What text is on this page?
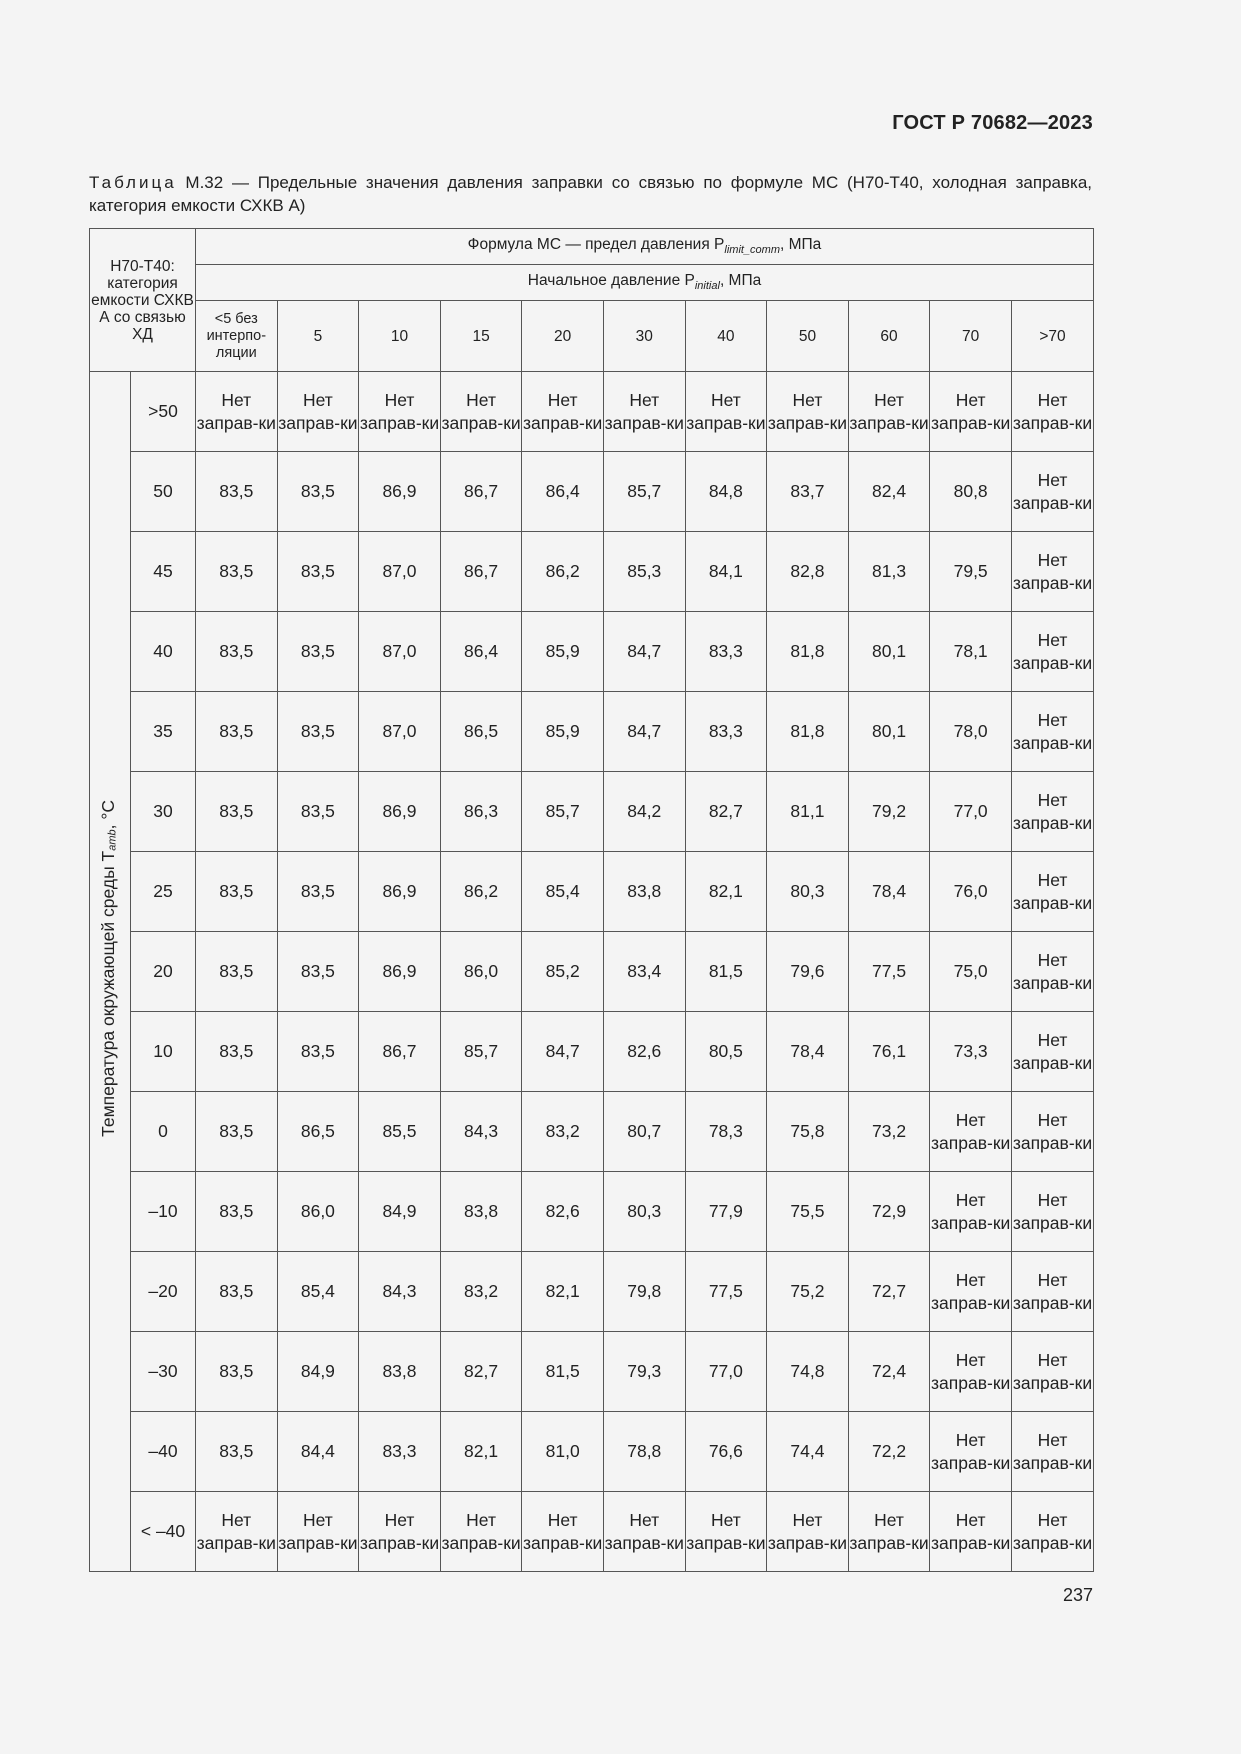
ГОСТ Р 70682—2023
Таблица М.32 — Предельные значения давления заправки со связью по формуле МС (Н70-Т40, холодная заправка, категория емкости СХКВ А)
Н70-Т40: категория емкости СХКВ А со связью ХД		Формула МС — предел давления $P_{limit\_comm}$, МПа										
		Начальное давление $P_{initial}$, МПа										
		<5 без интерпо-ляции	5	10	15	20	30	40	50	60	70	>70
Температура окружающей среды $T_{amb}$, °C	>50	Нет заправ-ки	Нет заправ-ки	Нет заправ-ки	Нет заправ-ки	Нет заправ-ки	Нет заправ-ки	Нет заправ-ки	Нет заправ-ки	Нет заправ-ки	Нет заправ-ки	Нет заправ-ки
	50	83,5	83,5	86,9	86,7	86,4	85,7	84,8	83,7	82,4	80,8	Нет заправ-ки
	45	83,5	83,5	87,0	86,7	86,2	85,3	84,1	82,8	81,3	79,5	Нет заправ-ки
	40	83,5	83,5	87,0	86,4	85,9	84,7	83,3	81,8	80,1	78,1	Нет заправ-ки
	35	83,5	83,5	87,0	86,5	85,9	84,7	83,3	81,8	80,1	78,0	Нет заправ-ки
	30	83,5	83,5	86,9	86,3	85,7	84,2	82,7	81,1	79,2	77,0	Нет заправ-ки
	25	83,5	83,5	86,9	86,2	85,4	83,8	82,1	80,3	78,4	76,0	Нет заправ-ки
	20	83,5	83,5	86,9	86,0	85,2	83,4	81,5	79,6	77,5	75,0	Нет заправ-ки
	10	83,5	83,5	86,7	85,7	84,7	82,6	80,5	78,4	76,1	73,3	Нет заправ-ки
	0	83,5	86,5	85,5	84,3	83,2	80,7	78,3	75,8	73,2	Нет заправ-ки	Нет заправ-ки
	–10	83,5	86,0	84,9	83,8	82,6	80,3	77,9	75,5	72,9	Нет заправ-ки	Нет заправ-ки
	–20	83,5	85,4	84,3	83,2	82,1	79,8	77,5	75,2	72,7	Нет заправ-ки	Нет заправ-ки
	–30	83,5	84,9	83,8	82,7	81,5	79,3	77,0	74,8	72,4	Нет заправ-ки	Нет заправ-ки
	–40	83,5	84,4	83,3	82,1	81,0	78,8	76,6	74,4	72,2	Нет заправ-ки	Нет заправ-ки
	< –40	Нет заправ-ки	Нет заправ-ки	Нет заправ-ки	Нет заправ-ки	Нет заправ-ки	Нет заправ-ки	Нет заправ-ки	Нет заправ-ки	Нет заправ-ки	Нет заправ-ки	Нет заправ-ки
237
